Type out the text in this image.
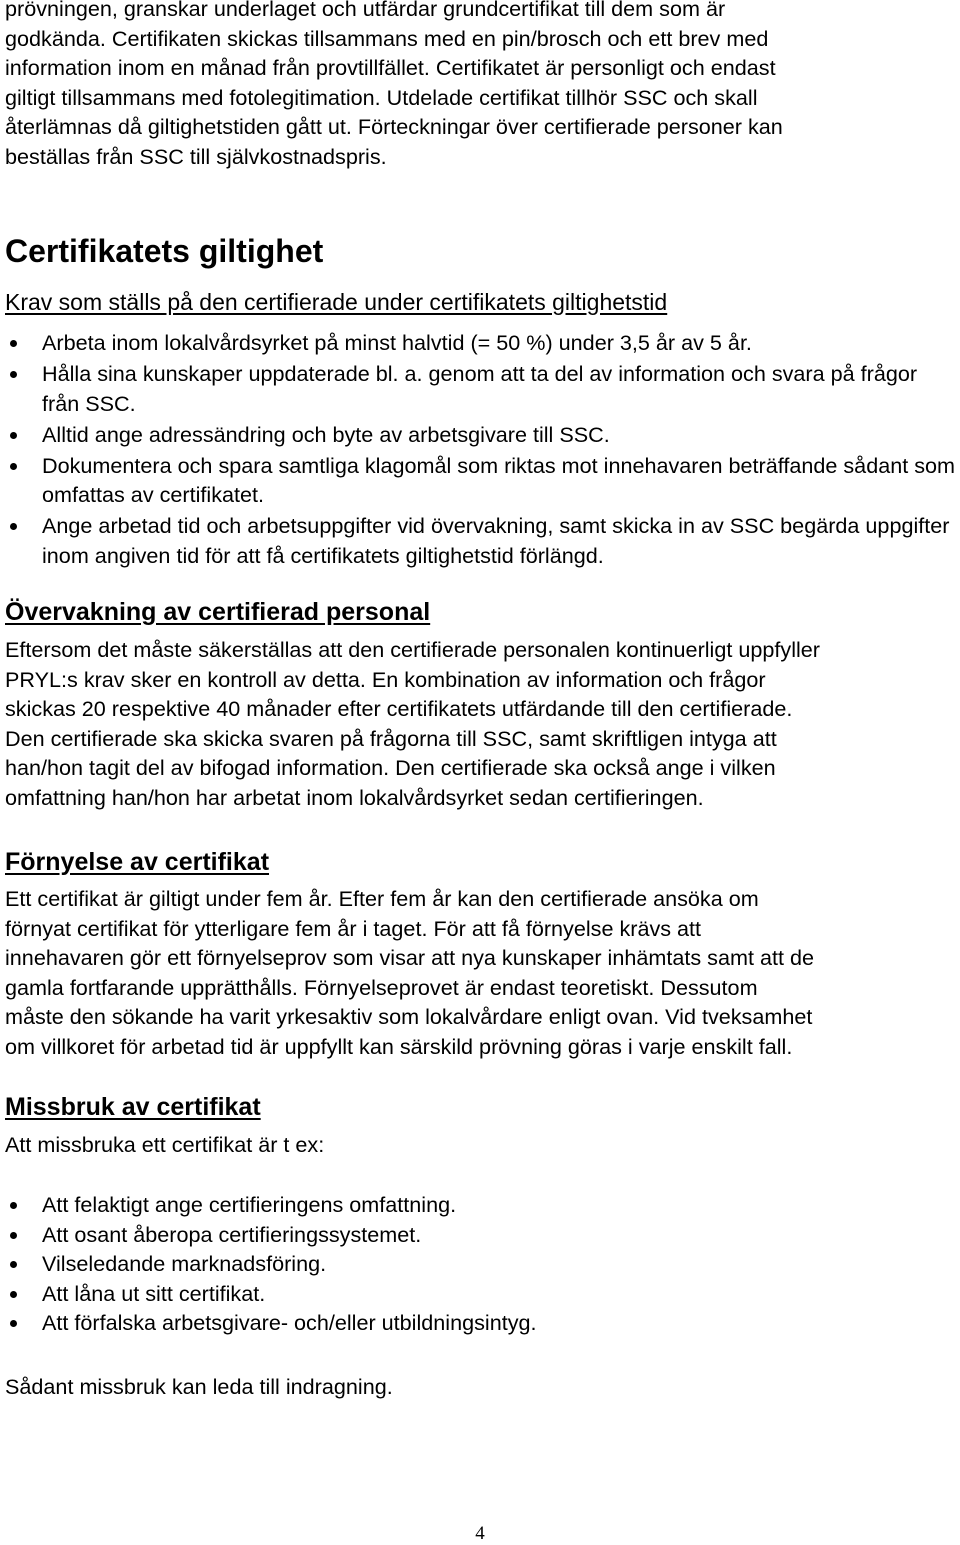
prövningen, granskar underlaget och utfärdar grundcertifikat till dem som är
godkända. Certifikaten skickas tillsammans med en pin/brosch och ett brev med
information inom en månad från provtillfället. Certifikatet är personligt och endast
giltigt tillsammans med fotolegitimation. Utdelade certifikat tillhör SSC och skall
återlämnas då giltighetstiden gått ut. Förteckningar över certifierade personer kan
beställas från SSC till självkostnadspris.
Certifikatets giltighet
Krav som ställs på den certifierade under certifikatets giltighetstid
Arbeta inom lokalvårdsyrket på minst halvtid (= 50 %) under 3,5 år av 5 år.
Hålla sina kunskaper uppdaterade bl. a. genom att ta del av information och svara på frågor från SSC.
Alltid ange adressändring och byte av arbetsgivare till SSC.
Dokumentera och spara samtliga klagomål som riktas mot innehavaren beträffande sådant som omfattas av certifikatet.
Ange arbetad tid och arbetsuppgifter vid övervakning, samt skicka in av SSC begärda uppgifter inom angiven tid för att få certifikatets giltighetstid förlängd.
Övervakning av certifierad personal
Eftersom det måste säkerställas att den certifierade personalen kontinuerligt uppfyller
PRYL:s krav sker en kontroll av detta. En kombination av information och frågor
skickas 20 respektive 40 månader efter certifikatets utfärdande till den certifierade.
Den certifierade ska skicka svaren på frågorna till SSC, samt skriftligen intyga att
han/hon tagit del av bifogad information. Den certifierade ska också ange i vilken
omfattning han/hon har arbetat inom lokalvårdsyrket sedan certifieringen.
Förnyelse av certifikat
Ett certifikat är giltigt under fem år. Efter fem år kan den certifierade ansöka om
förnyat certifikat för ytterligare fem år i taget. För att få förnyelse krävs att
innehavaren gör ett förnyelseprov som visar att nya kunskaper inhämtats samt att de
gamla fortfarande upprätthålls. Förnyelseprovet är endast teoretiskt. Dessutom
måste den sökande ha varit yrkesaktiv som lokalvårdare enligt ovan. Vid tveksamhet
om villkoret för arbetad tid är uppfyllt kan särskild prövning göras i varje enskilt fall.
Missbruk av certifikat
Att missbruka ett certifikat är t ex:
Att felaktigt ange certifieringens omfattning.
Att osant åberopa certifieringssystemet.
Vilseledande marknadsföring.
Att låna ut sitt certifikat.
Att förfalska arbetsgivare- och/eller utbildningsintyg.
Sådant missbruk kan leda till indragning.
4
